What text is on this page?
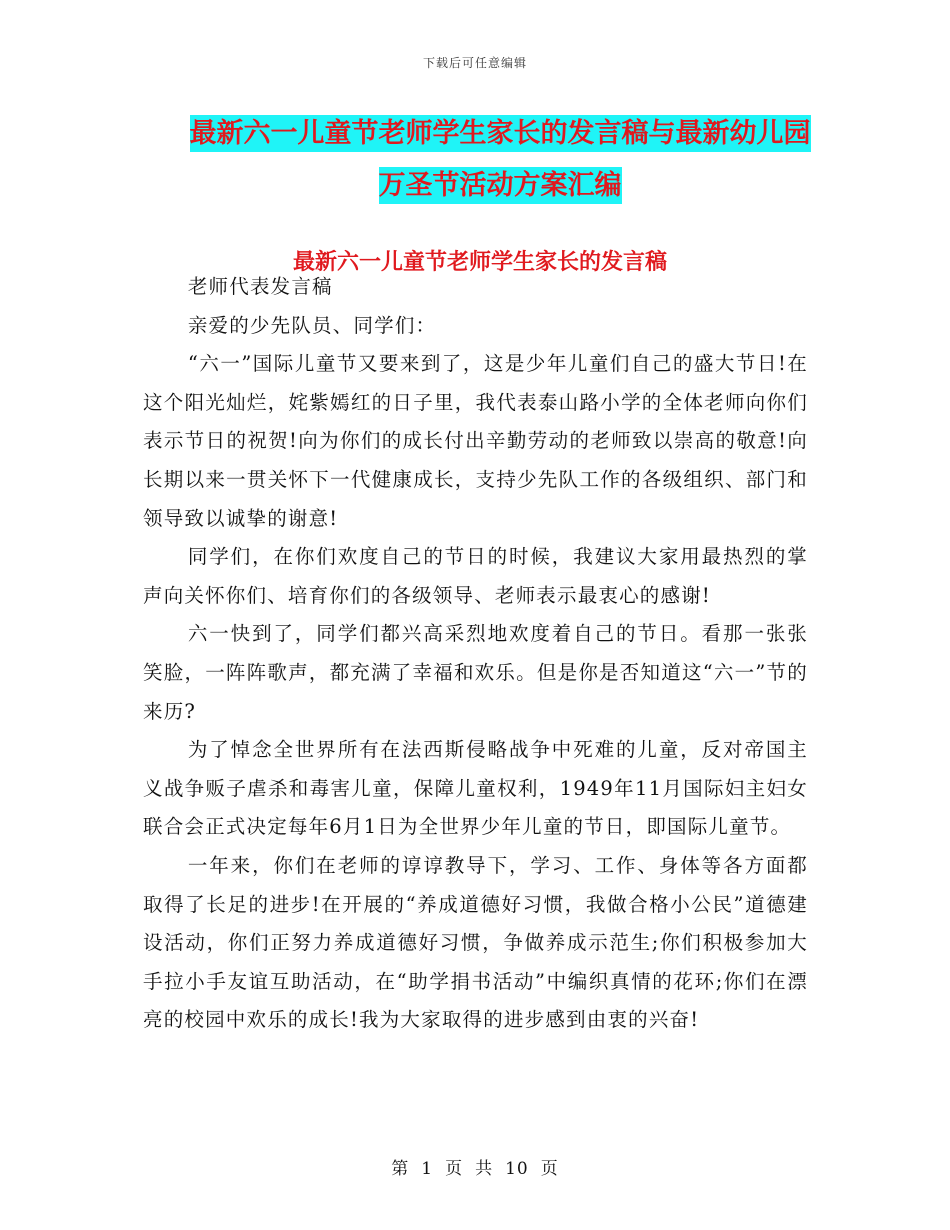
下载后可任意编辑
最新六一儿童节老师学生家长的发言稿与最新幼儿园
万圣节活动方案汇编
最新六一儿童节老师学生家长的发言稿

老师代表发言稿

亲爱的少先队员、同学们：

“六一”国际儿童节又要来到了，这是少年儿童们自己的盛大节日!在这个阳光灿烂，姹紫嫣红的日子里，我代表泰山路小学的全体老师向你们表示节日的祝贺!向为你们的成长付出辛勤劳动的老师致以崇高的敬意!向长期以来一贯关怀下一代健康成长，支持少先队工作的各级组织、部门和领导致以诚挚的谢意!

同学们，在你们欢度自己的节日的时候，我建议大家用最热烈的掌声向关怀你们、培育你们的各级领导、老师表示最衷心的感谢!

六一快到了，同学们都兴高采烈地欢度着自己的节日。看那一张张笑脸，一阵阵歌声，都充满了幸福和欢乐。但是你是否知道这“六一”节的来历?

为了悼念全世界所有在法西斯侵略战争中死难的儿童，反对帝国主义战争贩子虐杀和毒害儿童，保障儿童权利，1949年11月国际妇主妇女联合会正式决定每年6月1日为全世界少年儿童的节日，即国际儿童节。

一年来，你们在老师的谆谆教导下，学习、工作、身体等各方面都取得了长足的进步!在开展的“养成道德好习惯，我做合格小公民”道德建设活动，你们正努力养成道德好习惯，争做养成示范生;你们积极参加大手拉小手友谊互助活动，在“助学捐书活动”中编织真情的花环;你们在漂亮的校园中欢乐的成长!我为大家取得的进步感到由衷的兴奋!

第 1 页 共 10 页
